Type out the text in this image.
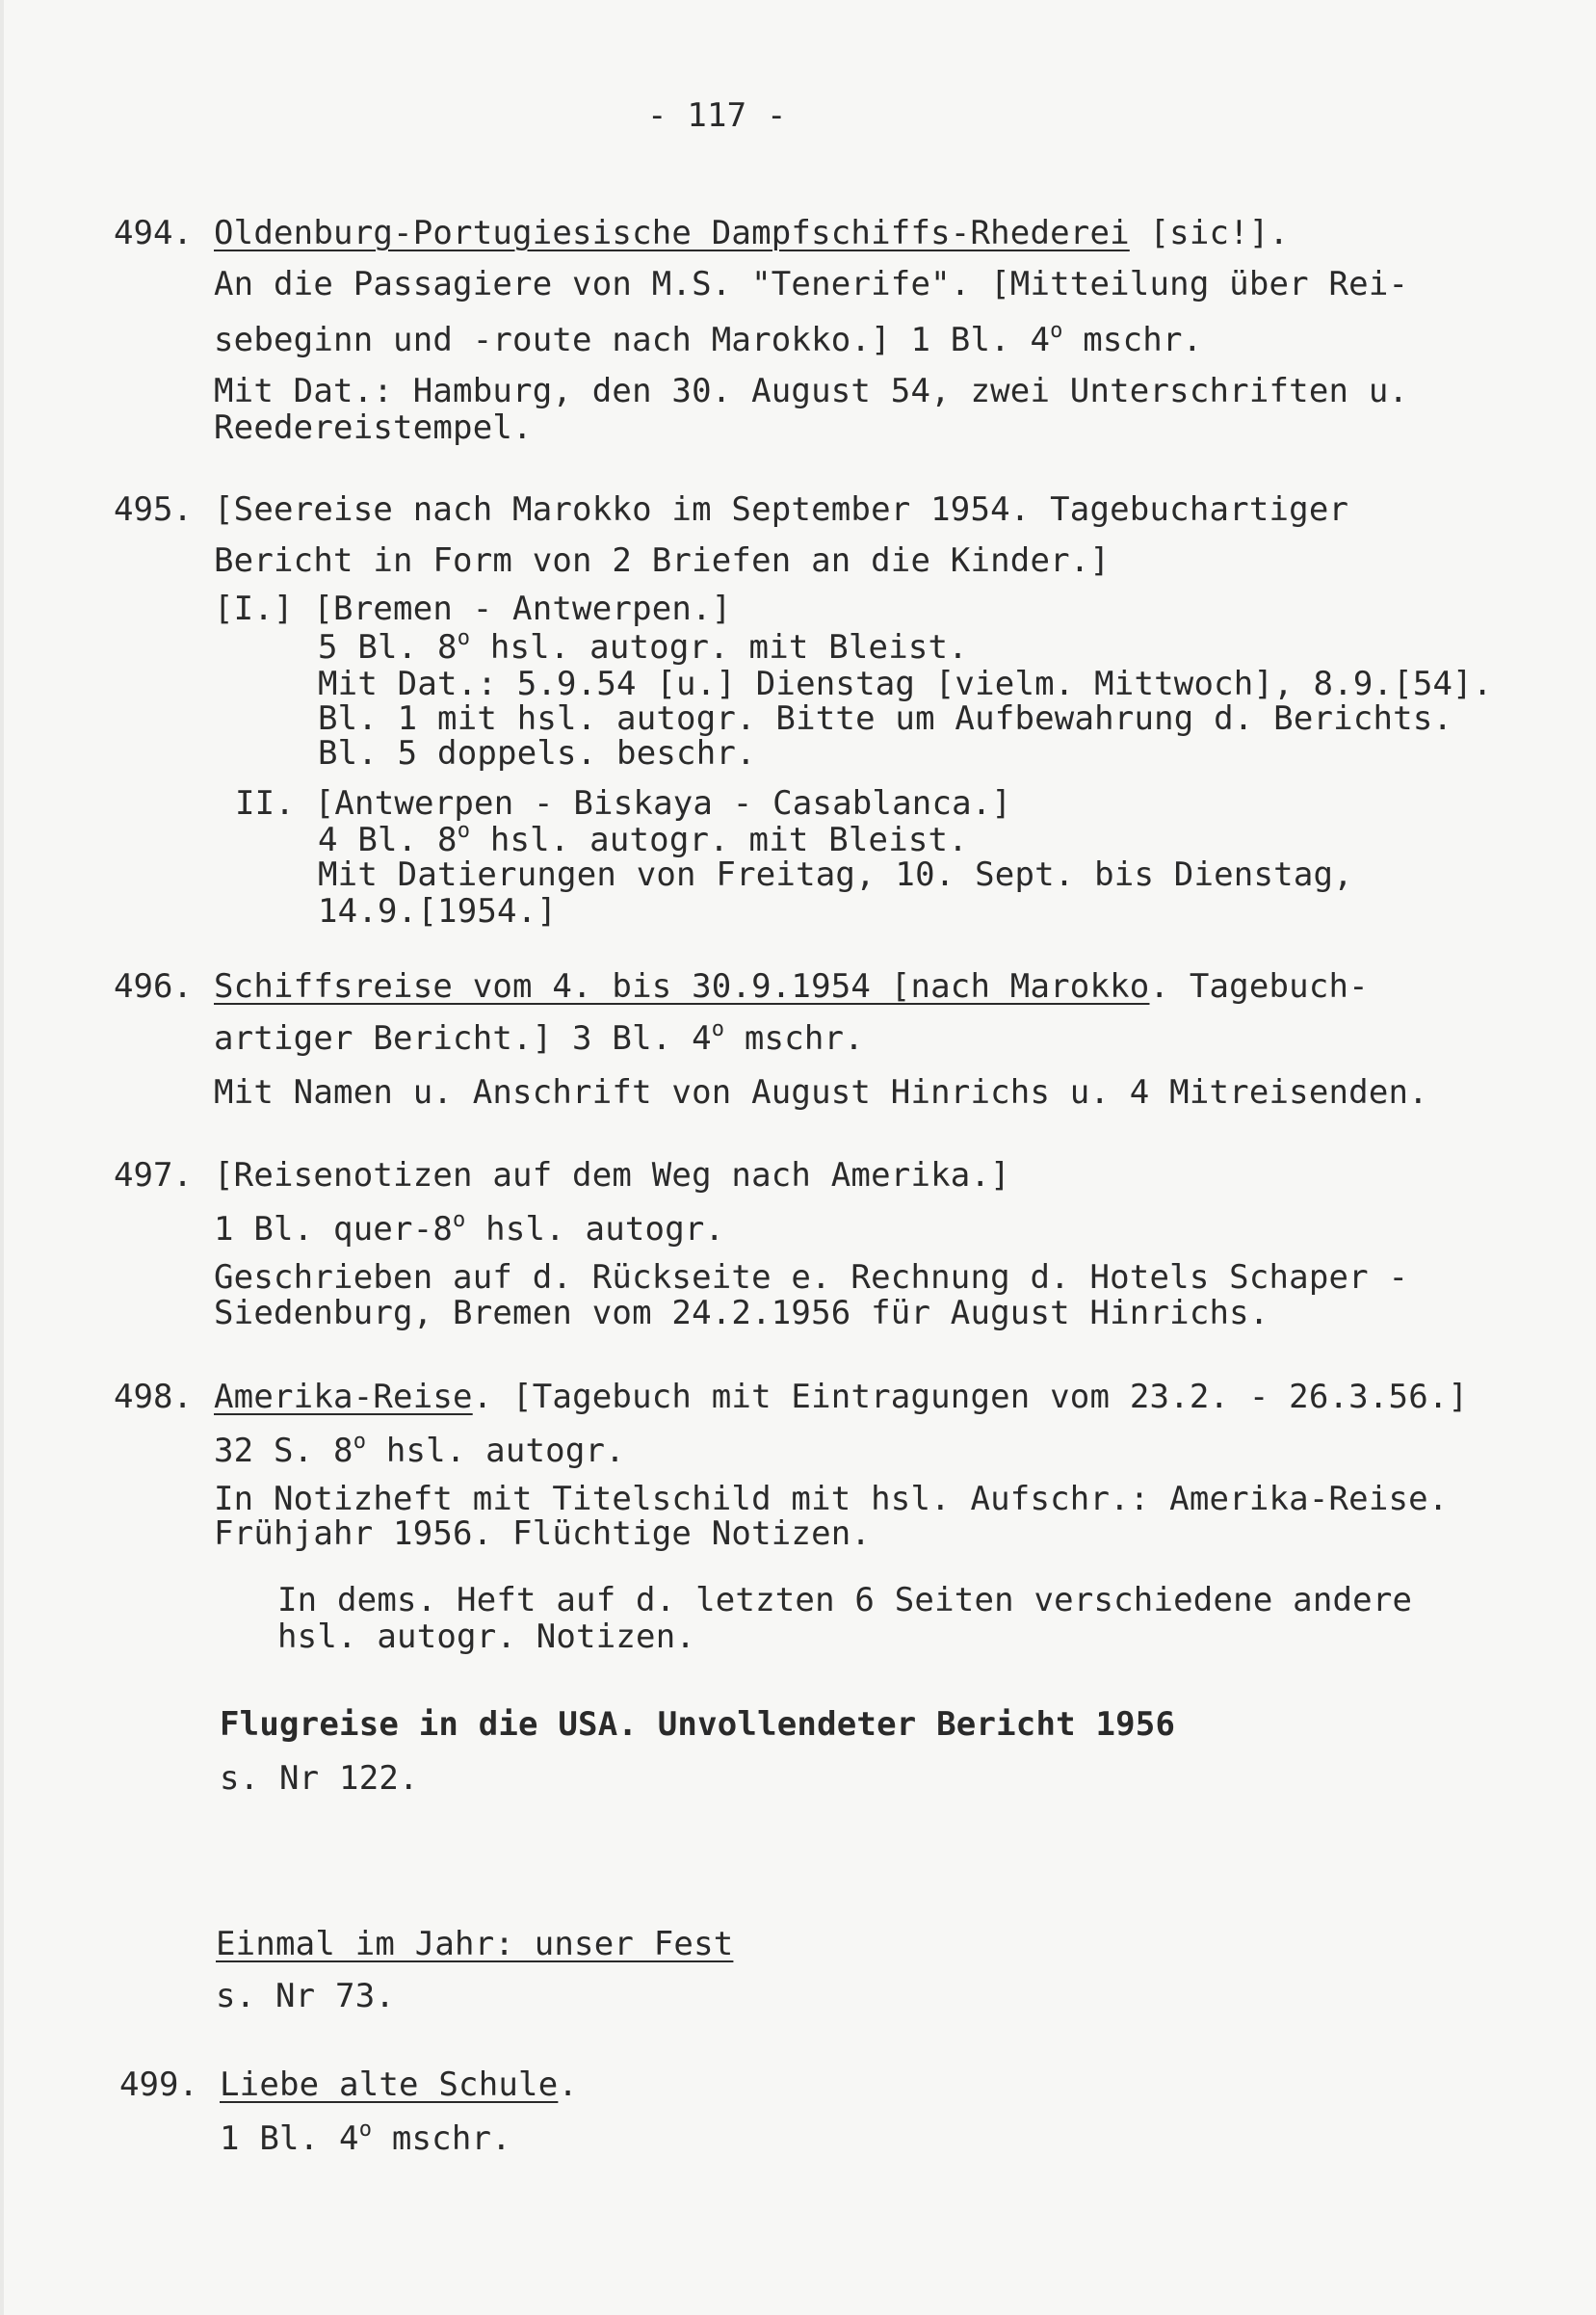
- 117 -
494. Oldenburg-Portugiesische Dampfschiffs-Rhederei [sic!].
An die Passagiere von M.S. "Tenerife". [Mitteilung über Rei-
sebeginn und -route nach Marokko.] 1 Bl. 4$^o$ mschr.
Mit Dat.: Hamburg, den 30. August 54, zwei Unterschriften u.
Reedereistempel.
495. [Seereise nach Marokko im September 1954. Tagebuchartiger
Bericht in Form von 2 Briefen an die Kinder.]
[I.] [Bremen - Antwerpen.]
5 Bl. 8$^o$ hsl. autogr. mit Bleist.
Mit Dat.: 5.9.54 [u.] Dienstag [vielm. Mittwoch], 8.9.[54].
Bl. 1 mit hsl. autogr. Bitte um Aufbewahrung d. Berichts.
Bl. 5 doppels. beschr.
II. [Antwerpen - Biskaya - Casablanca.]
4 Bl. 8$^o$ hsl. autogr. mit Bleist.
Mit Datierungen von Freitag, 10. Sept. bis Dienstag,
14.9.[1954.]
496. Schiffsreise vom 4. bis 30.9.1954 [nach Marokko. Tagebuch-
artiger Bericht.] 3 Bl. 4$^o$ mschr.
Mit Namen u. Anschrift von August Hinrichs u. 4 Mitreisenden.
497. [Reisenotizen auf dem Weg nach Amerika.]
1 Bl. quer-8$^o$ hsl. autogr.
Geschrieben auf d. Rückseite e. Rechnung d. Hotels Schaper -
Siedenburg, Bremen vom 24.2.1956 für August Hinrichs.
498. Amerika-Reise. [Tagebuch mit Eintragungen vom 23.2. - 26.3.56.]
32 S. 8$^o$ hsl. autogr.
In Notizheft mit Titelschild mit hsl. Aufschr.: Amerika-Reise.
Frühjahr 1956. Flüchtige Notizen.
In dems. Heft auf d. letzten 6 Seiten verschiedene andere
hsl. autogr. Notizen.
Flugreise in die USA. Unvollendeter Bericht 1956
s. Nr 122.
Einmal im Jahr: unser Fest
s. Nr 73.
499. Liebe alte Schule.
1 Bl. 4$^o$ mschr.
